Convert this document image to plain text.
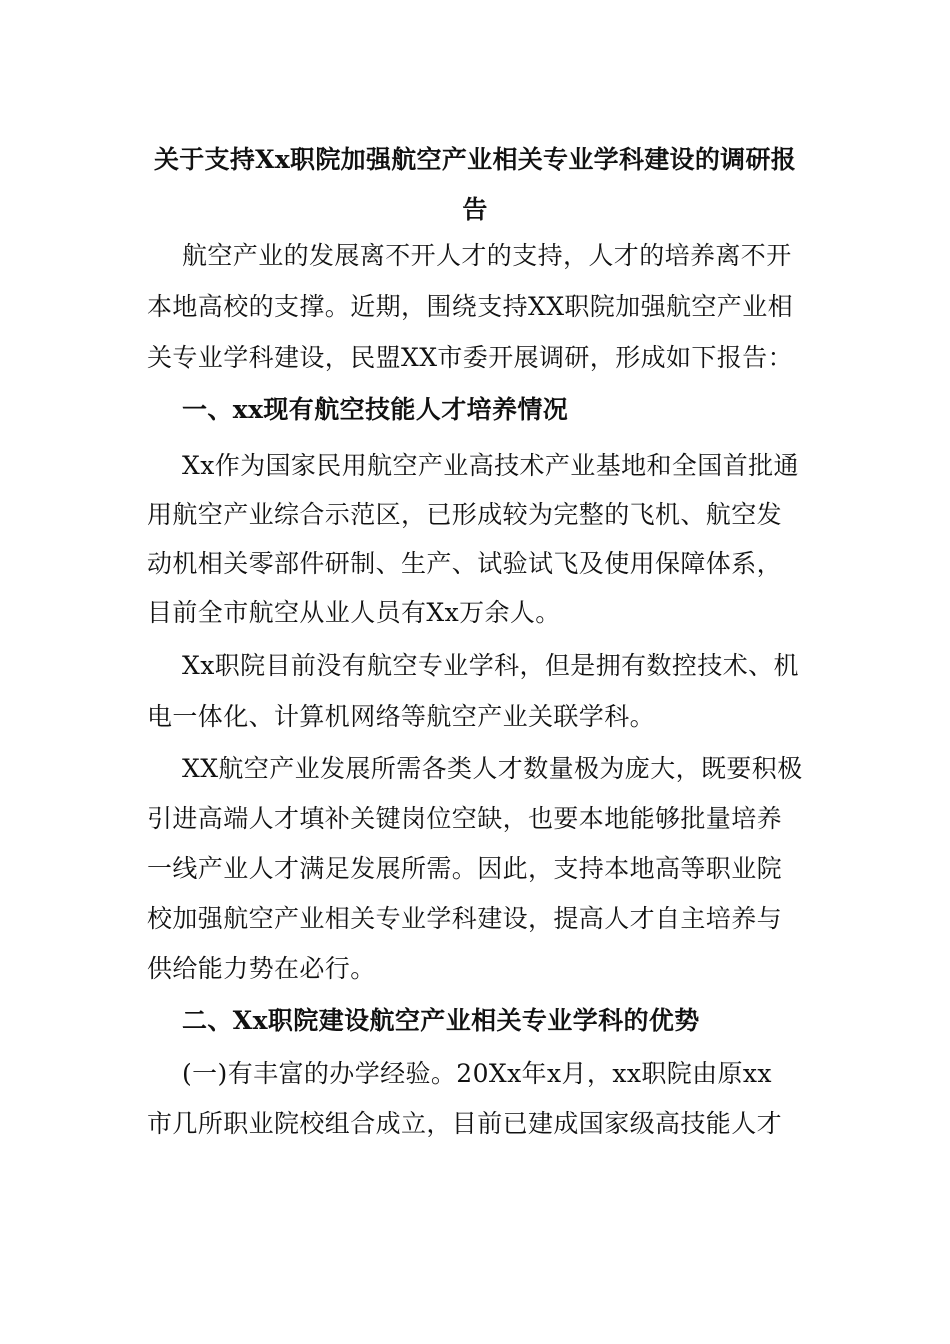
关于支持Xx职院加强航空产业相关专业学科建设的调研报
告
航空产业的发展离不开人才的支持，人才的培养离不开
本地高校的支撑。近期，围绕支持XX职院加强航空产业相
关专业学科建设，民盟XX市委开展调研，形成如下报告：
一、xx现有航空技能人才培养情况
Xx作为国家民用航空产业高技术产业基地和全国首批通
用航空产业综合示范区，已形成较为完整的飞机、航空发
动机相关零部件研制、生产、试验试飞及使用保障体系，
目前全市航空从业人员有Xx万余人。
Xx职院目前没有航空专业学科，但是拥有数控技术、机
电一体化、计算机网络等航空产业关联学科。
XX航空产业发展所需各类人才数量极为庞大，既要积极
引进高端人才填补关键岗位空缺，也要本地能够批量培养
一线产业人才满足发展所需。因此，支持本地高等职业院
校加强航空产业相关专业学科建设，提高人才自主培养与
供给能力势在必行。
二、Xx职院建设航空产业相关专业学科的优势
(一)有丰富的办学经验。20Xx年x月，xx职院由原xx
市几所职业院校组合成立，目前已建成国家级高技能人才
